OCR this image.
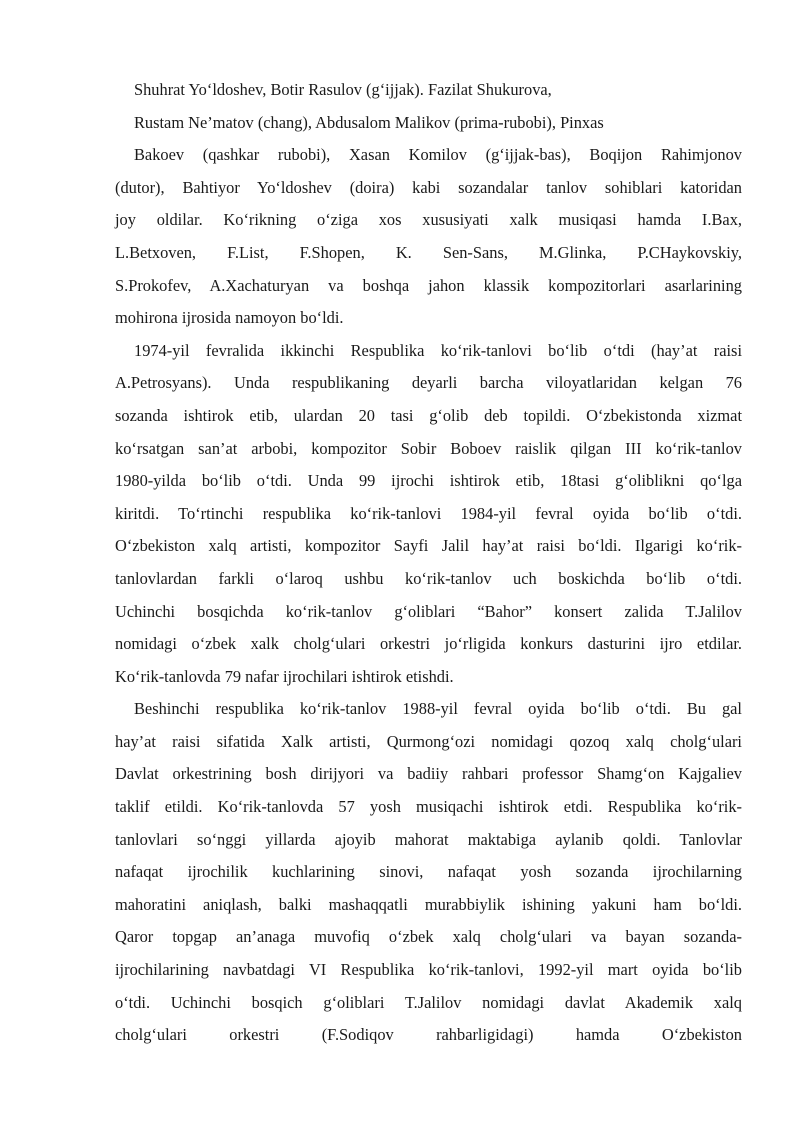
Shuhrat Yo‘ldoshev, Botir Rasulov (g‘ijjak). Fazilat Shukurova,
Rustam Ne’matov (chang), Abdusalom Malikov (prima-rubobi), Pinxas
Bakoev (qashkar rubobi), Xasan Komilov (g‘ijjak-bas), Boqijon Rahimjonov
(dutor), Bahtiyor Yo‘ldoshev (doira) kabi sozandalar tanlov sohiblari katoridan
joy oldilar. Ko‘rikning o‘ziga xos xususiyati xalk musiqasi hamda I.Bax,
L.Betxoven, F.List, F.Shopen, K. Sen-Sans, M.Glinka, P.CHaykovskiy,
S.Prokofev, A.Xachaturyan va boshqa jahon klassik kompozitorlari asarlarining
mohirona ijrosida namoyon bo‘ldi.
1974-yil fevralida ikkinchi Respublika ko‘rik-tanlovi bo‘lib o‘tdi (hay’at raisi
A.Petrosyans). Unda respublikaning deyarli barcha viloyatlaridan kelgan 76
sozanda ishtirok etib, ulardan 20 tasi g‘olib deb topildi. O‘zbekistonda xizmat
ko‘rsatgan san’at arbobi, kompozitor Sobir Boboev raislik qilgan III ko‘rik-tanlov
1980-yilda bo‘lib o‘tdi. Unda 99 ijrochi ishtirok etib, 18tasi g‘oliblikni qo‘lga
kiritdi. To‘rtinchi respublika ko‘rik-tanlovi 1984-yil fevral oyida bo‘lib o‘tdi.
O‘zbekiston xalq artisti, kompozitor Sayfi Jalil hay’at raisi bo‘ldi. Ilgarigi ko‘rik-
tanlovlardan farkli o‘laroq ushbu ko‘rik-tanlov uch boskichda bo‘lib o‘tdi.
Uchinchi bosqichda ko‘rik-tanlov g‘oliblari “Bahor” konsert zalida T.Jalilov
nomidagi o‘zbek xalk cholg‘ulari orkestri jo‘rligida konkurs dasturini ijro etdilar.
Ko‘rik-tanlovda 79 nafar ijrochilari ishtirok etishdi.
Beshinchi respublika ko‘rik-tanlov 1988-yil fevral oyida bo‘lib o‘tdi. Bu gal
hay’at raisi sifatida Xalk artisti, Qurmong‘ozi nomidagi qozoq xalq cholg‘ulari
Davlat orkestrining bosh dirijyori va badiiy rahbari professor Shamg‘on Kajgaliev
taklif etildi. Ko‘rik-tanlovda 57 yosh musiqachi ishtirok etdi. Respublika ko‘rik-
tanlovlari so‘nggi yillarda ajoyib mahorat maktabiga aylanib qoldi. Tanlovlar
nafaqat ijrochilik kuchlarining sinovi, nafaqat yosh sozanda ijrochilarning
mahoratini aniqlash, balki mashaqqatli murabbiylik ishining yakuni ham bo‘ldi.
Qaror topgap an’anaga muvofiq o‘zbek xalq cholg‘ulari va bayan sozanda-
ijrochilarining navbatdagi VI Respublika ko‘rik-tanlovi, 1992-yil mart oyida bo‘lib
o‘tdi. Uchinchi bosqich g‘oliblari T.Jalilov nomidagi davlat Akademik xalq
cholg‘ulari orkestri (F.Sodiqov rahbarligidagi) hamda O‘zbekiston
